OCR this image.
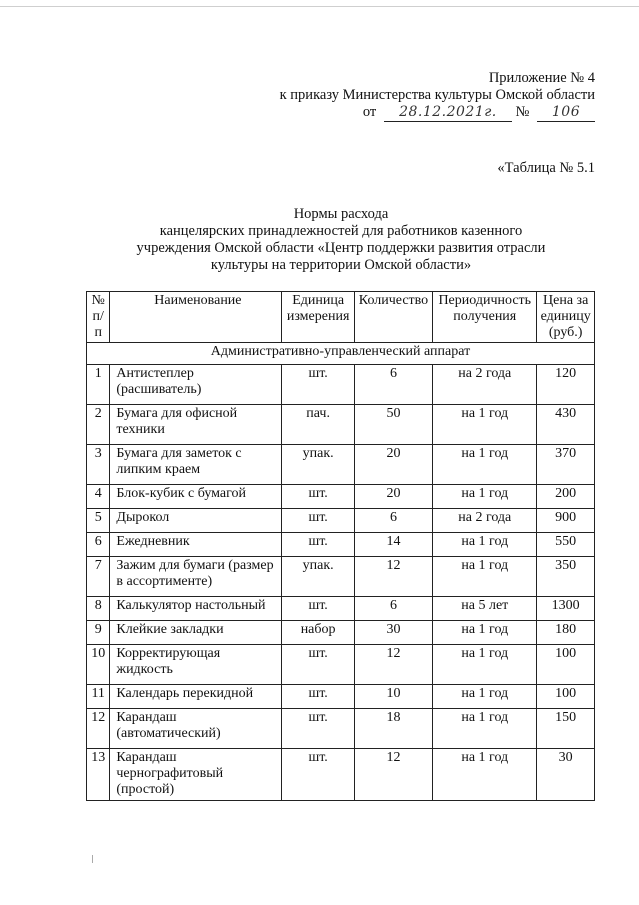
Приложение № 4
к приказу Министерства культуры Омской области
от 28.12.2021г. № 106
«Таблица № 5.1
Нормы расхода
канцелярских принадлежностей для работников казенного
учреждения Омской области «Центр поддержки развития отрасли
культуры на территории Омской области»
№ п/п	Наименование	Единица измерения	Количество	Периодичность получения	Цена за единицу (руб.)
Административно-управленческий аппарат					
1	Антистеплер (расшиватель)	шт.	6	на 2 года	120
2	Бумага для офисной техники	пач.	50	на 1 год	430
3	Бумага для заметок с липким краем	упак.	20	на 1 год	370
4	Блок-кубик с бумагой	шт.	20	на 1 год	200
5	Дырокол	шт.	6	на 2 года	900
6	Ежедневник	шт.	14	на 1 год	550
7	Зажим для бумаги (размер в ассортименте)	упак.	12	на 1 год	350
8	Калькулятор настольный	шт.	6	на 5 лет	1300
9	Клейкие закладки	набор	30	на 1 год	180
10	Корректирующая жидкость	шт.	12	на 1 год	100
11	Календарь перекидной	шт.	10	на 1 год	100
12	Карандаш (автоматический)	шт.	18	на 1 год	150
13	Карандаш чернографитовый (простой)	шт.	12	на 1 год	30
